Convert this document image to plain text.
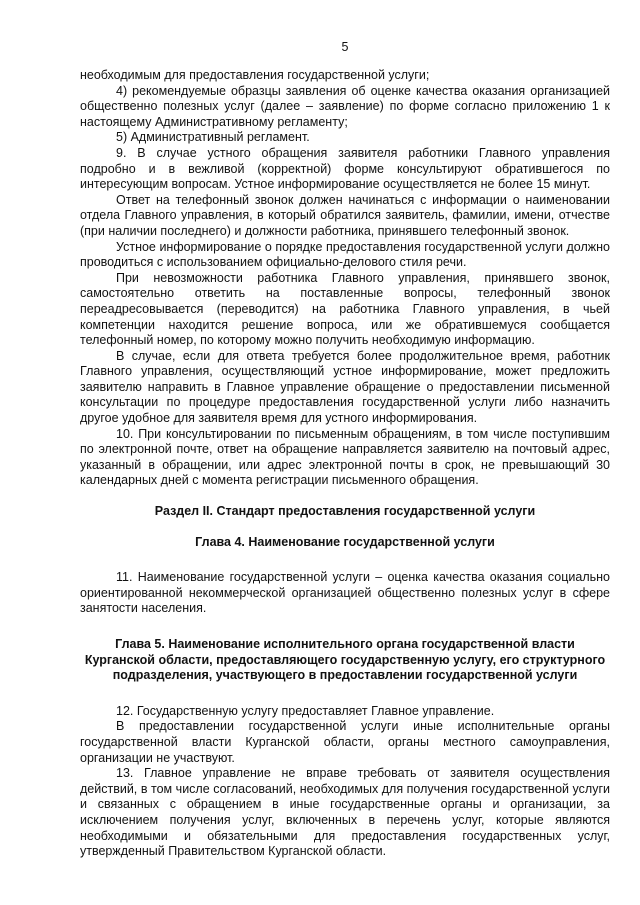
5

необходимым для предоставления государственной услуги;

4) рекомендуемые образцы заявления об оценке качества оказания организацией общественно полезных услуг (далее – заявление) по форме согласно приложению 1 к настоящему Административному регламенту;

5) Административный регламент.

9. В случае устного обращения заявителя работники Главного управления подробно и в вежливой (корректной) форме консультируют обратившегося по интересующим вопросам. Устное информирование осуществляется не более 15 минут.

Ответ на телефонный звонок должен начинаться с информации о наименовании отдела Главного управления, в который обратился заявитель, фамилии, имени, отчестве (при наличии последнего) и должности работника, принявшего телефонный звонок.

Устное информирование о порядке предоставления государственной услуги должно проводиться с использованием официально-делового стиля речи.

При невозможности работника Главного управления, принявшего звонок, самостоятельно ответить на поставленные вопросы, телефонный звонок переадресовывается (переводится) на работника Главного управления, в чьей компетенции находится решение вопроса, или же обратившемуся сообщается телефонный номер, по которому можно получить необходимую информацию.

В случае, если для ответа требуется более продолжительное время, работник Главного управления, осуществляющий устное информирование, может предложить заявителю направить в Главное управление обращение о предоставлении письменной консультации по процедуре предоставления государственной услуги либо назначить другое удобное для заявителя время для устного информирования.

10. При консультировании по письменным обращениям, в том числе поступившим по электронной почте, ответ на обращение направляется заявителю на почтовый адрес, указанный в обращении, или адрес электронной почты в срок, не превышающий 30 календарных дней с момента регистрации письменного обращения.

Раздел II. Стандарт предоставления государственной услуги

Глава 4. Наименование государственной услуги

11. Наименование государственной услуги – оценка качества оказания социально ориентированной некоммерческой организацией общественно полезных услуг в сфере занятости населения.

Глава 5. Наименование исполнительного органа государственной власти Курганской области, предоставляющего государственную услугу, его структурного подразделения, участвующего в предоставлении государственной услуги

12. Государственную услугу предоставляет Главное управление.

В предоставлении государственной услуги иные исполнительные органы государственной власти Курганской области, органы местного самоуправления, организации не участвуют.

13. Главное управление не вправе требовать от заявителя осуществления действий, в том числе согласований, необходимых для получения государственной услуги и связанных с обращением в иные государственные органы и организации, за исключением получения услуг, включенных в перечень услуг, которые являются необходимыми и обязательными для предоставления государственных услуг, утвержденный Правительством Курганской области.
